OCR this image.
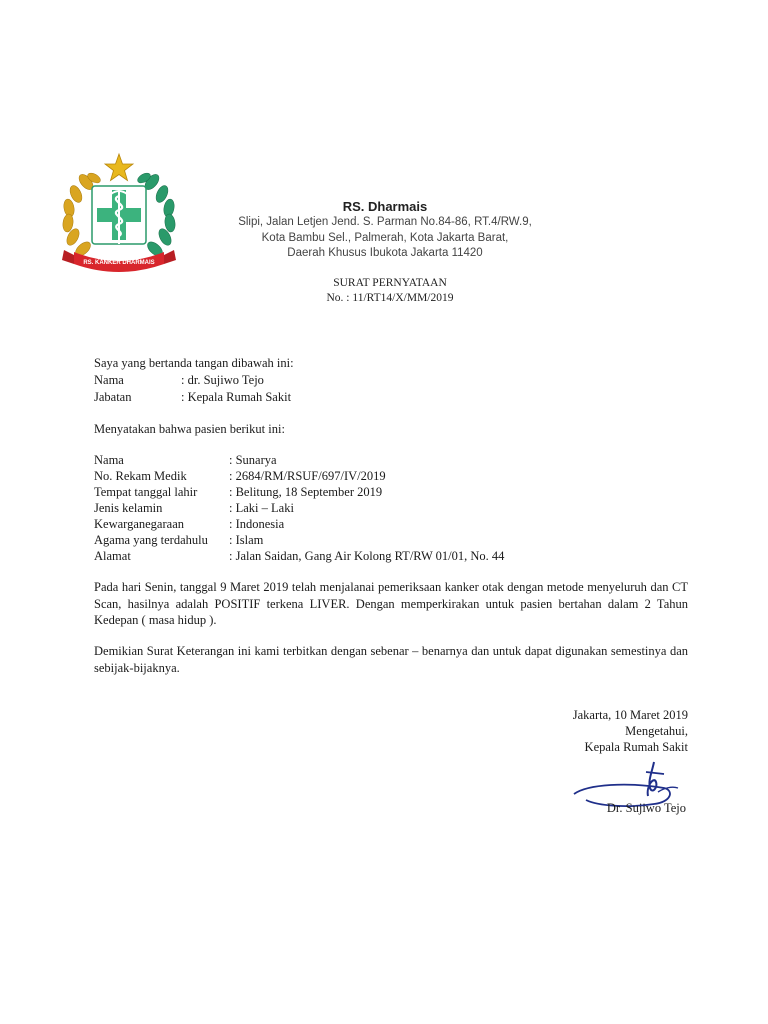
RS. KANKER DHARMAIS
RS. Dharmais
Slipi, Jalan Letjen Jend. S. Parman No.84-86, RT.4/RW.9,
Kota Bambu Sel., Palmerah, Kota Jakarta Barat,
Daerah Khusus Ibukota Jakarta 11420
SURAT PERNYATAAN
No. : 11/RT14/X/MM/2019
Saya yang bertanda tangan dibawah ini:
Nama	: dr. Sujiwo Tejo
Jabatan	: Kepala Rumah Sakit
Menyatakan bahwa pasien berikut ini:
Nama	: Sunarya
No. Rekam Medik	: 2684/RM/RSUF/697/IV/2019
Tempat tanggal lahir	: Belitung, 18 September 2019
Jenis kelamin	: Laki – Laki
Kewarganegaraan	: Indonesia
Agama yang terdahulu : Islam
Alamat	: Jalan Saidan, Gang Air Kolong RT/RW 01/01, No. 44
Pada hari Senin, tanggal 9 Maret 2019 telah menjalanai pemeriksaan kanker otak dengan metode menyeluruh dan CT Scan, hasilnya adalah POSITIF terkena LIVER. Dengan memperkirakan untuk pasien bertahan dalam 2 Tahun Kedepan ( masa hidup ).
Demikian Surat Keterangan ini kami terbitkan dengan sebenar – benarnya dan untuk dapat digunakan semestinya dan sebijak-bijaknya.
Jakarta, 10 Maret 2019
Mengetahui,
Kepala Rumah Sakit
Dr. Sujiwo Tejo
